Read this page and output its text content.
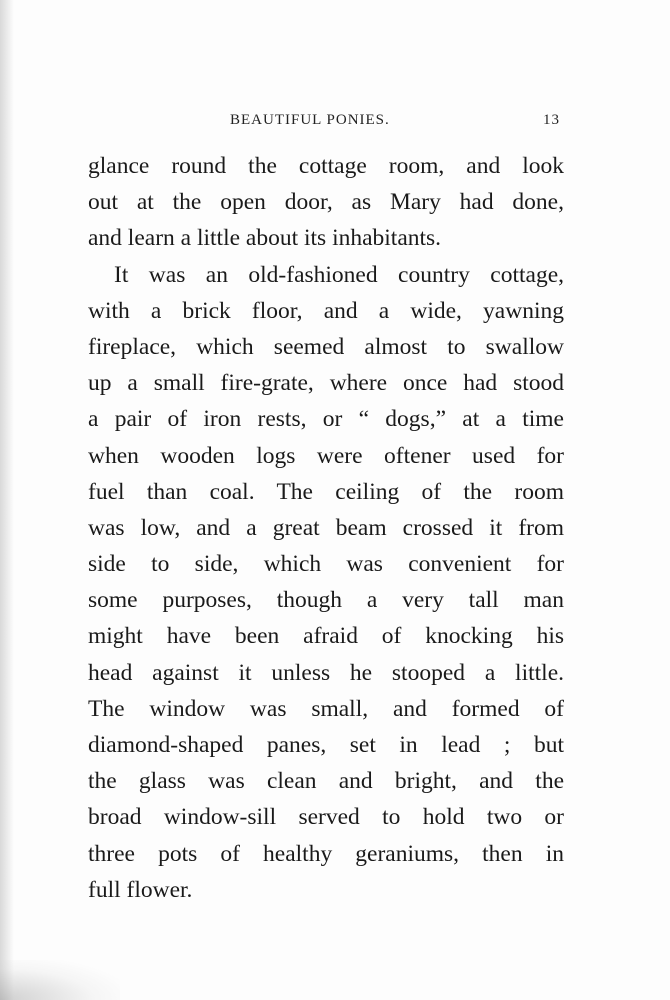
BEAUTIFUL PONIES.	13
glance round the cottage room, and look
out at the open door, as Mary had done,
and learn a little about its inhabitants.
It was an old-fashioned country cottage,
with a brick floor, and a wide, yawning
fireplace, which seemed almost to swallow
up a small fire-grate, where once had stood
a pair of iron rests, or “ dogs,” at a time
when wooden logs were oftener used for
fuel than coal. The ceiling of the room
was low, and a great beam crossed it from
side to side, which was convenient for
some purposes, though a very tall man
might have been afraid of knocking his
head against it unless he stooped a little.
The window was small, and formed of
diamond-shaped panes, set in lead ; but
the glass was clean and bright, and the
broad window-sill served to hold two or
three pots of healthy geraniums, then in
full flower.
